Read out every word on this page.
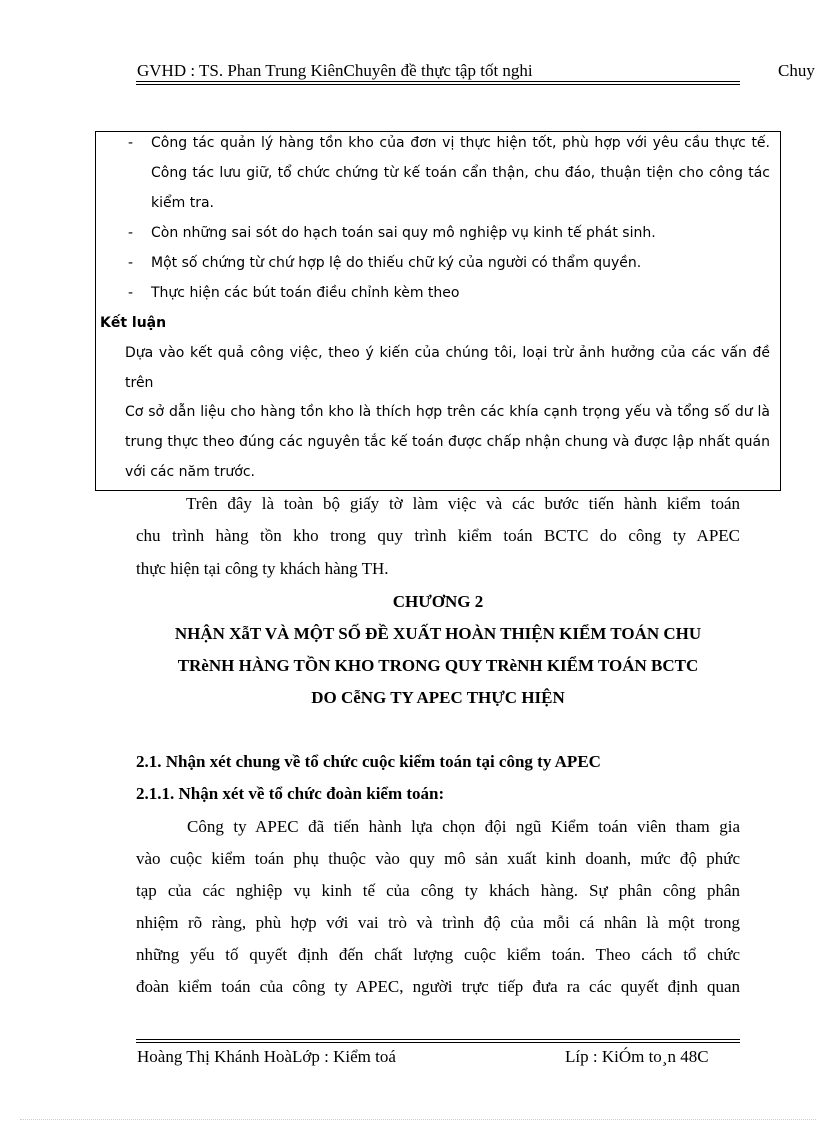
GVHD : TS. Phan Trung KiênChuyên đề thực tập tốt nghi	Chuy
- Công tác quản lý hàng tồn kho của đơn vị thực hiện tốt, phù hợp với yêu cầu thực tế.
Công tác lưu giữ, tổ chức chứng từ kế toán cẩn thận, chu đáo, thuận tiện cho công tác
kiểm tra.
- Còn những sai sót do hạch toán sai quy mô nghiệp vụ kinh tế phát sinh.
- Một số chứng từ chứ hợp lệ do thiếu chữ ký của người có thẩm quyền.
- Thực hiện các bút toán điều chỉnh kèm theo
Kết luận
Dựa vào kết quả công việc, theo ý kiến của chúng tôi, loại trừ ảnh hưởng của các vấn đề
trên
Cơ sở dẫn liệu cho hàng tồn kho là thích hợp trên các khía cạnh trọng yếu và tổng số dư là
trung thực theo đúng các nguyên tắc kế toán được chấp nhận chung và được lập nhất quán
với các năm trước.
Trên đây là toàn bộ giấy tờ làm việc và các bước tiến hành kiểm toán
chu trình hàng tồn kho trong quy trình kiểm toán BCTC do công ty APEC
thực hiện tại công ty khách hàng TH.
CHƯƠNG 2
NHẬN XẫT VÀ MỘT SỐ ĐỀ XUẤT HOÀN THIỆN KIỂM TOÁN CHU
TRèNH HÀNG TỒN KHO TRONG QUY TRèNH KIỂM TOÁN BCTC
DO CễNG TY APEC THỰC HIỆN
2.1. Nhận xét chung về tổ chức cuộc kiểm toán tại công ty APEC
2.1.1. Nhận xét về tổ chức đoàn kiểm toán:
Công ty APEC đã tiến hành lựa chọn đội ngũ Kiểm toán viên tham gia
vào cuộc kiểm toán phụ thuộc vào quy mô sản xuất kinh doanh, mức độ phức
tạp của các nghiệp vụ kinh tế của công ty khách hàng. Sự phân công phân
nhiệm rõ ràng, phù hợp với vai trò và trình độ của mỗi cá nhân là một trong
những yếu tố quyết định đến chất lượng cuộc kiểm toán. Theo cách tổ chức
đoàn kiểm toán của công ty APEC, người trực tiếp đưa ra các quyết định quan
Hoàng Thị Khánh HoàLớp : Kiểm toá	Líp : KiÓm to¸n 48C
